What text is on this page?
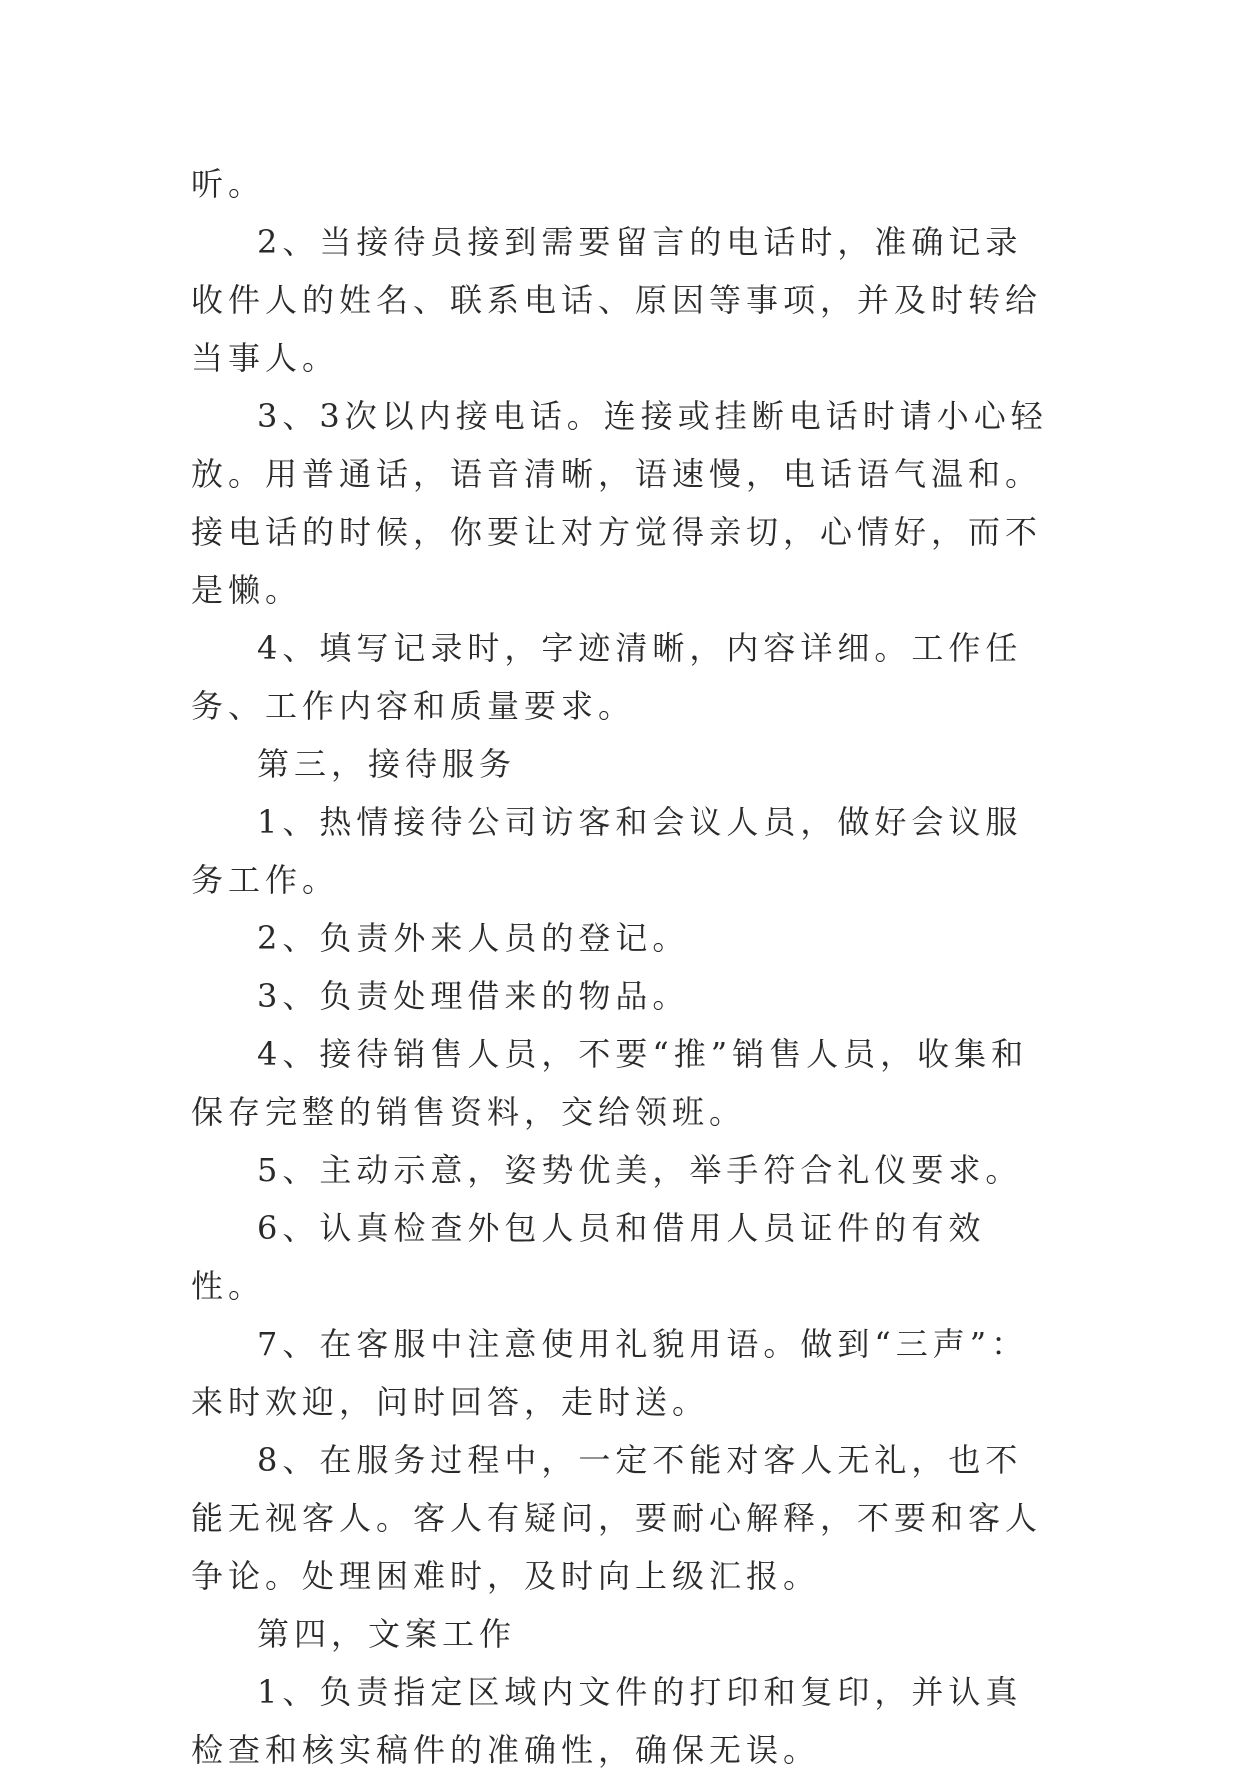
听。

2、当接待员接到需要留言的电话时，准确记录收件人的姓名、联系电话、原因等事项，并及时转给当事人。

3、3次以内接电话。连接或挂断电话时请小心轻放。用普通话，语音清晰，语速慢，电话语气温和。接电话的时候，你要让对方觉得亲切，心情好，而不是懒。

4、填写记录时，字迹清晰，内容详细。工作任务、工作内容和质量要求。

第三，接待服务

1、热情接待公司访客和会议人员，做好会议服务工作。

2、负责外来人员的登记。

3、负责处理借来的物品。

4、接待销售人员，不要“推”销售人员，收集和保存完整的销售资料，交给领班。

5、主动示意，姿势优美，举手符合礼仪要求。

6、认真检查外包人员和借用人员证件的有效性。

7、在客服中注意使用礼貌用语。做到“三声”：来时欢迎，问时回答，走时送。

8、在服务过程中，一定不能对客人无礼，也不能无视客人。客人有疑问，要耐心解释，不要和客人争论。处理困难时，及时向上级汇报。

第四，文案工作

1、负责指定区域内文件的打印和复印，并认真检查和核实稿件的准确性，确保无误。
